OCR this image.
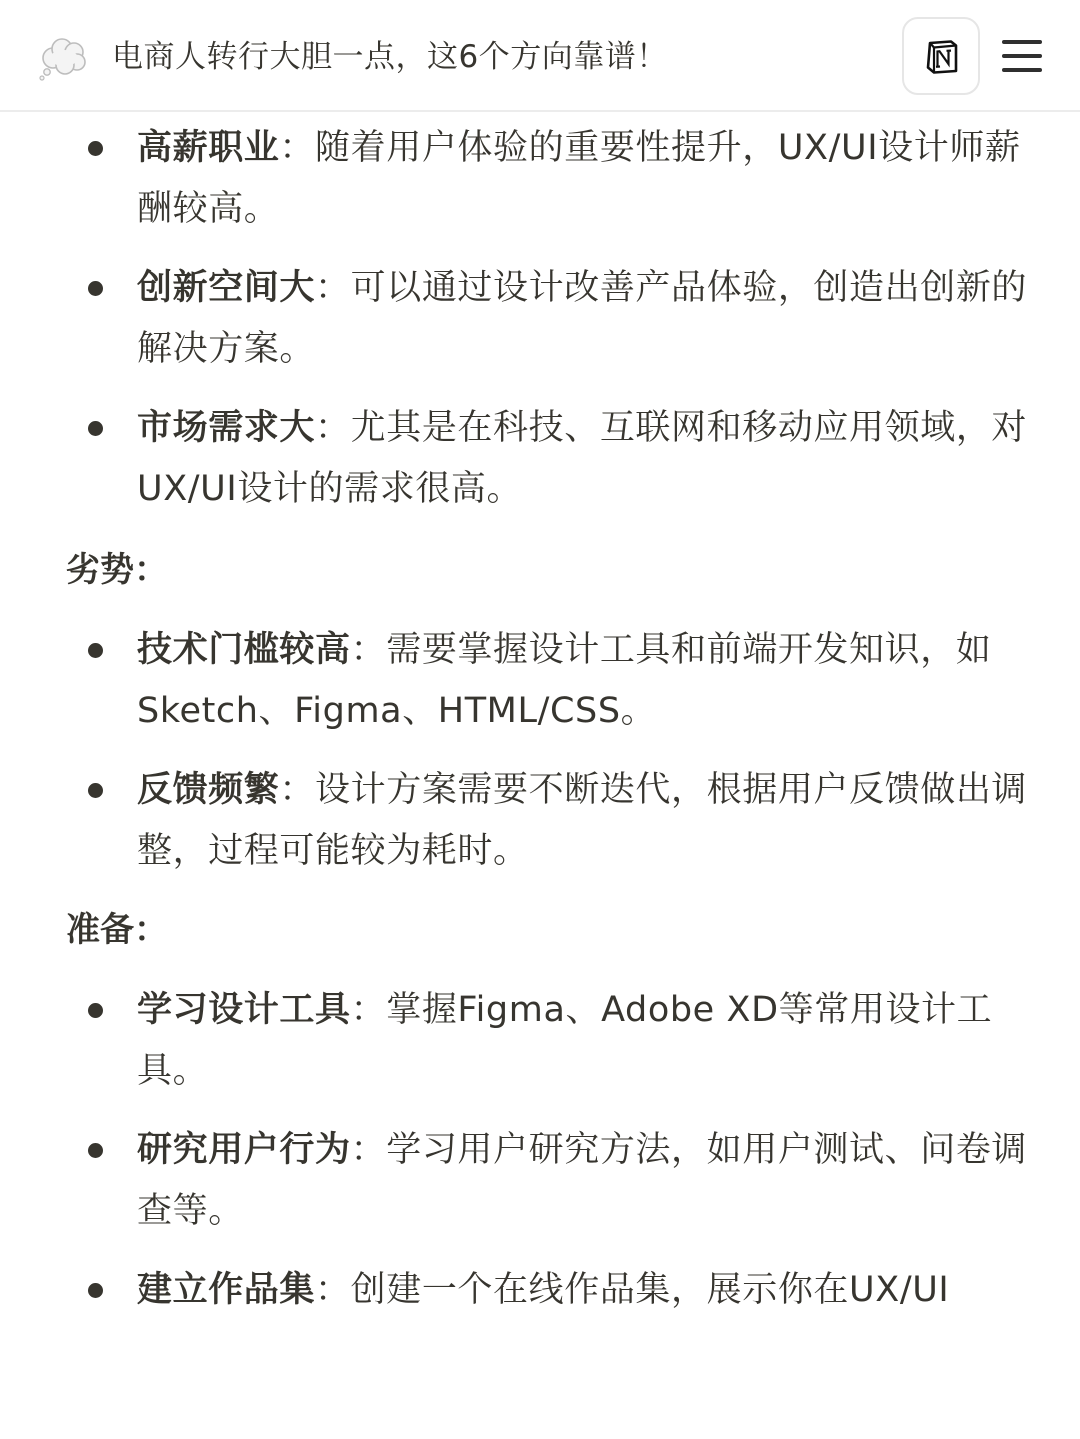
电商人转行大胆一点，这6个方向靠谱！
高薪职业：随着用户体验的重要性提升，UX/UI设计师薪酬较高。
创新空间大：可以通过设计改善产品体验，创造出创新的解决方案。
市场需求大：尤其是在科技、互联网和移动应用领域，对UX/UI设计的需求很高。
劣势：
技术门槛较高：需要掌握设计工具和前端开发知识，如Sketch、Figma、HTML/CSS。
反馈频繁：设计方案需要不断迭代，根据用户反馈做出调整，过程可能较为耗时。
准备：
学习设计工具：掌握Figma、Adobe XD等常用设计工具。
研究用户行为：学习用户研究方法，如用户测试、问卷调查等。
建立作品集：创建一个在线作品集，展示你在UX/UI
